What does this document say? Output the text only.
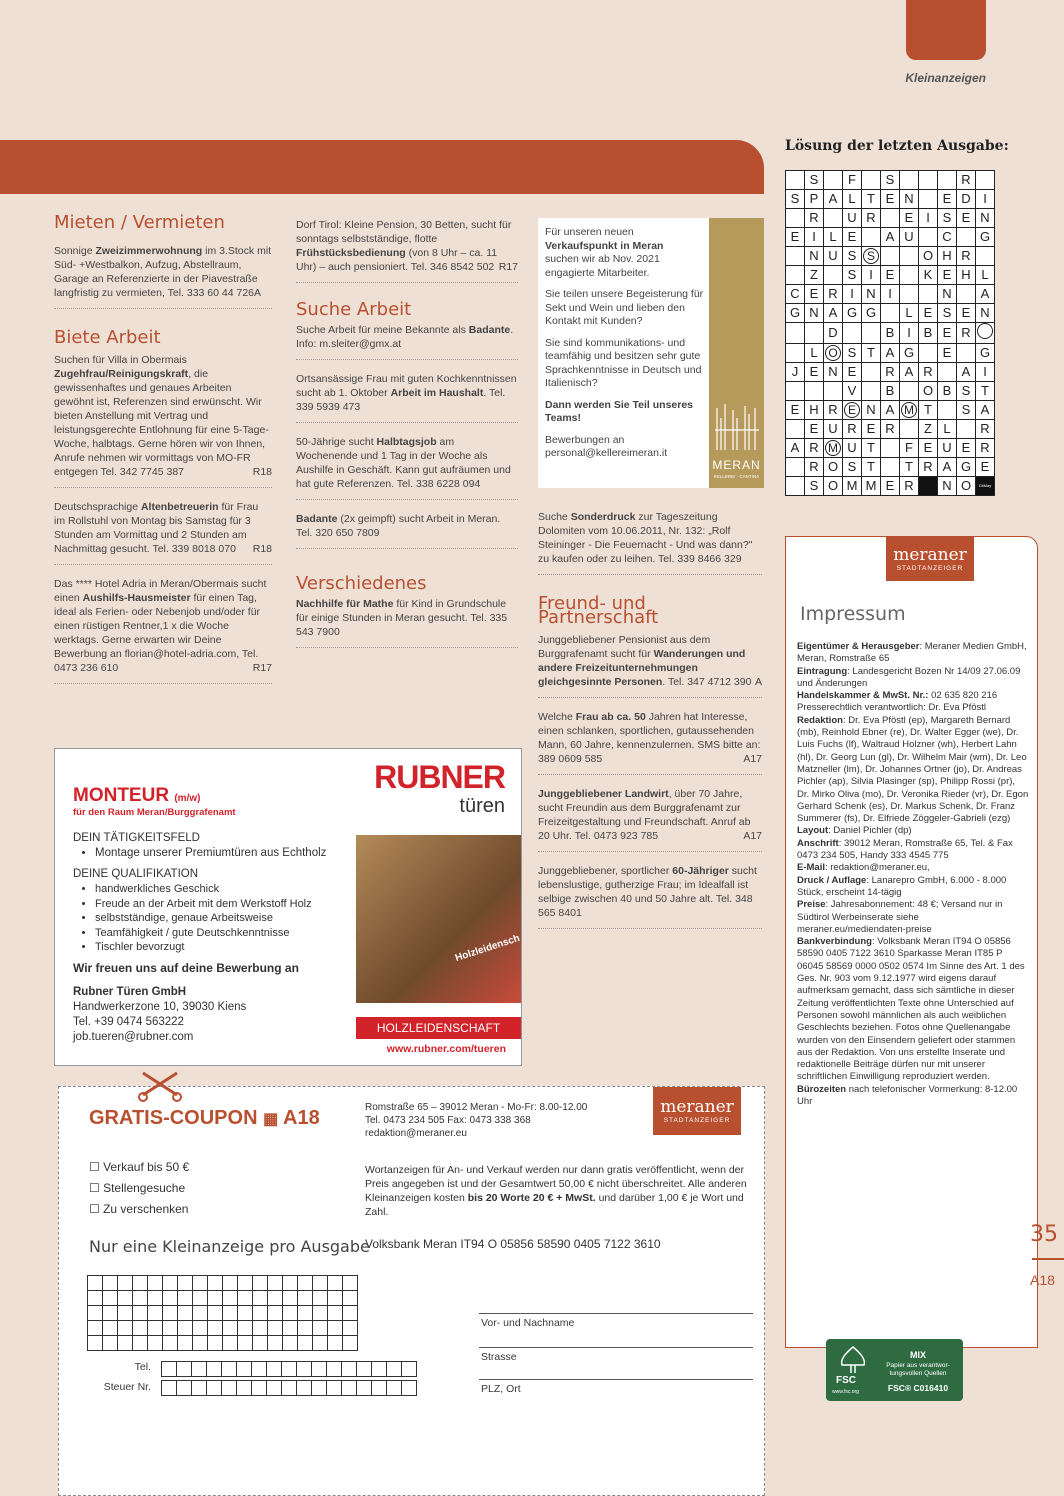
Kleinanzeigen
Mieten / Vermieten

Sonnige Zweizimmerwohnung im 3.Stock mit Süd- +Westbalkon, Aufzug, Abstellraum, Garage an Referenzierte in der Piavestraße langfristig zu vermieten, Tel. 333 60 44 726A

Biete Arbeit

Suchen für Villa in Obermais Zugehfrau/Reinigungskraft, die gewissenhaftes und genaues Arbeiten gewöhnt ist, Referenzen sind erwünscht. Wir bieten Anstellung mit Vertrag und leistungsgerechte Entlohnung für eine 5-Tage-Woche, halbtags. Gerne hören wir von Ihnen, Anrufe nehmen wir vormittags von MO-FR entgegen Tel. 342 7745 387	R18

Deutschsprachige Altenbetreuerin für Frau im Rollstuhl von Montag bis Samstag für 3 Stunden am Vormittag und 2 Stunden am Nachmittag gesucht. Tel. 339 8018 070 R18

Das **** Hotel Adria in Meran/Obermais sucht einen Aushilfs-Hausmeister für einen Tag, ideal als Ferien- oder Nebenjob und/oder für einen rüstigen Rentner,1 x die Woche werktags. Gerne erwarten wir Deine Bewerbung an florian@hotel-adria.com, Tel. 0473 236 610	R17

Dorf Tirol: Kleine Pension, 30 Betten, sucht für sonntags selbstständige, flotte Frühstücksbedienung (von 8 Uhr – ca. 11 Uhr) – auch pensioniert. Tel. 346 8542 502 R17

Suche Arbeit

Suche Arbeit für meine Bekannte als Badante. Info: m.sleiter@gmx.at

Ortsansässige Frau mit guten Kochkenntnissen sucht ab 1. Oktober Arbeit im Haushalt. Tel. 339 5939 473

50-Jährige sucht Halbtagsjob am Wochenende und 1 Tag in der Woche als Aushilfe in Geschäft. Kann gut aufräumen und hat gute Referenzen. Tel. 338 6228 094

Badante (2x geimpft) sucht Arbeit in Meran. Tel. 320 650 7809

Verschiedenes

Nachhilfe für Mathe für Kind in Grundschule für einige Stunden in Meran gesucht. Tel. 335 543 7900

Für unseren neuen
Verkaufspunkt in Meran
suchen wir ab Nov. 2021 engagierte Mitarbeiter.

Sie teilen unsere Begeisterung für Sekt und Wein und lieben den Kontakt mit Kunden?

Sie sind kommunikations- und teamfähig und besitzen sehr gute Sprachkenntnisse in Deutsch und Italienisch?

Dann werden Sie Teil unseres Teams!

Bewerbungen an personal@kellereimeran.it

MERAN
KELLEREI · CANTINA

Suche Sonderdruck zur Tageszeitung Dolomiten vom 10.06.2011, Nr. 132: „Rolf Steininger - Die Feuernacht - Und was dann?" zu kaufen oder zu leihen. Tel. 339 8466 329

Freund- und Partnerschaft

Junggebliebener Pensionist aus dem Burggrafenamt sucht für Wanderungen und andere Freizeitunternehmungen gleichgesinnte Personen. Tel. 347 4712 390 A

Welche Frau ab ca. 50 Jahren hat Interesse, einen schlanken, sportlichen, gutaussehenden Mann, 60 Jahre, kennenzulernen. SMS bitte an: 389 0609 585	A17

Junggebliebener Landwirt, über 70 Jahre, sucht Freundin aus dem Burggrafenamt zur Freizeitgestaltung und Freundschaft. Anruf ab 20 Uhr. Tel. 0473 923 785	A17

Junggebliebener, sportlicher 60-Jähriger sucht lebenslustige, gutherzige Frau; im Idealfall ist selbige zwischen 40 und 50 Jahre alt. Tel. 348 565 8401

Lösung der letzten Ausgabe:
	S		F		S				R	
S	P	A	L	T	E	N		E	D	I
	R		U	R		E	I	S	E	N
E	I	L	E		A	U		C		G
	N	U	S	S			O	H	R	
	Z		S	I	E		K	E	H	L
C	E	R	I	N	I			N		A
G	N	A	G	G		L	E	S	E	N
		D			B	I	B	E	R	
	L	O	S	T	A	G		E		G
J	E	N	E		R	A	R		A	I
			V		B		O	B	S	T
E	H	R	E	N	A	M	T		S	A
	E	U	R	E	R		Z	L		R
A	R	M	U	T		F	E	U	E	R
	R	O	S	T		T	R	A	G	E
	S	O	M	M	E	R		N	O	CitMay
meraner
STADTANZEIGER
Impressum

Eigentümer & Herausgeber: Meraner Medien GmbH, Meran, Romstraße 65

Eintragung: Landesgericht Bozen Nr 14/09 27.06.09 und Änderungen

Handelskammer & MwSt. Nr.: 02 635 820 216

Presserechtlich verantwortlich: Dr. Eva Pföstl

Redaktion: Dr. Eva Pföstl (ep), Margareth Bernard (mb), Reinhold Ebner (re), Dr. Walter Egger (we), Dr. Luis Fuchs (lf), Waltraud Holzner (wh), Herbert Lahn (hl), Dr. Georg Lun (gl), Dr. Wilhelm Mair (wm), Dr. Leo Matzneller (lm), Dr. Johannes Ortner (jo), Dr. Andreas Pichler (ap), Silvia Plasinger (sp), Philipp Rossi (pr), Dr. Mirko Oliva (mo), Dr. Veronika Rieder (vr), Dr. Egon Gerhard Schenk (es), Dr. Markus Schenk, Dr. Franz Summerer (fs), Dr. Elfriede Zöggeler-Gabrieli (ezg)

Layout: Daniel Pichler (dp)

Anschrift: 39012 Meran, Romstraße 65, Tel. & Fax 0473 234 505, Handy 333 4545 775

E-Mail: redaktion@meraner.eu,

Druck / Auflage: Lanarepro GmbH, 6.000 - 8.000 Stück, erscheint 14-tägig

Preise: Jahresabonnement: 48 €; Versand nur in Südtirol Werbeinserate siehe meraner.eu/mediendaten-preise

Bankverbindung: Volksbank Meran IT94 O 05856 58590 0405 7122 3610 Sparkasse Meran IT85 P 06045 58569 0000 0502 0574 Im Sinne des Art. 1 des Ges. Nr. 903 vom 9.12.1977 wird eigens darauf aufmerksam gemacht, dass sich sämtliche in dieser Zeitung veröffentlichten Texte ohne Unterschied auf Personen sowohl männlichen als auch weiblichen Geschlechts beziehen. Fotos ohne Quellenangabe wurden von den Einsendern geliefert oder stammen aus der Redaktion. Von uns erstellte Inserate und redaktionelle Beiträge dürfen nur mit unserer schriftlichen Einwilligung reproduziert werden.

Bürozeiten nach telefonischer Vormerkung: 8-12.00 Uhr

FSC
www.fsc.org
MIX
Papier aus verantwor-
tungsvollen Quellen
FSC® C016410
MONTEUR (m/w)
für den Raum Meran/Burggrafenamt
RUBNER
türen
DEIN TÄTIGKEITSFELD
• Montage unserer Premiumtüren aus Echtholz
DEINE QUALIFIKATION
• handwerkliches Geschick
• Freude an der Arbeit mit dem Werkstoff Holz
• selbstständige, genaue Arbeitsweise
• Teamfähigkeit / gute Deutschkenntnisse
• Tischler bevorzugt
Wir freuen uns auf deine Bewerbung an
Rubner Türen GmbH
Handwerkerzone 10, 39030 Kiens
Tel. +39 0474 563222
job.tueren@rubner.com
Holzleidensch
HOLZLEIDENSCHAFT
www.rubner.com/tueren
GRATIS-COUPON ▦ A18	Romstraße 65 – 39012 Meran - Mo-Fr: 8.00-12.00
Tel. 0473 234 505 Fax: 0473 338 368
redaktion@meraner.eu
meraner
STADTANZEIGER
☐ Verkauf bis 50 €
☐ Stellengesuche
☐ Zu verschenken
Wortanzeigen für An- und Verkauf werden nur dann gratis veröffentlicht, wenn der Preis angegeben ist und der Gesamtwert 50,00 € nicht überschreitet. Alle anderen Kleinanzeigen kosten bis 20 Worte 20 € + MwSt. und darüber 1,00 € je Wort und Zahl.
Nur eine Kleinanzeige pro Ausgabe
Volksbank Meran IT94 O 05856 58590 0405 7122 3610

Tel.
Steuer Nr.

Vor- und Nachname
Strasse
PLZ, Ort
35
A18
